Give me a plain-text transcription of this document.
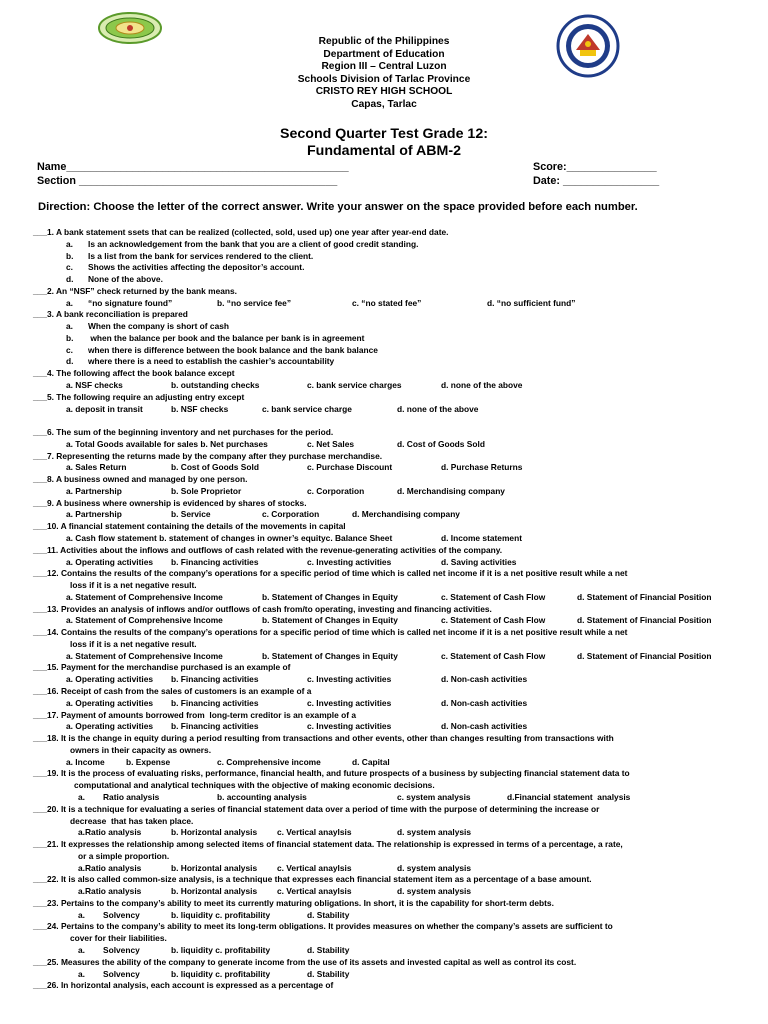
Republic of the Philippines
Department of Education
Region III – Central Luzon
Schools Division of Tarlac Province
CRISTO REY HIGH SCHOOL
Capas, Tarlac
Second Quarter Test Grade 12:
Fundamental of ABM-2
Name_______________________________________________	Score:_______________
Section ___________________________________________	Date: ________________
Direction: Choose the letter of the correct answer. Write your answer on the space provided before each number.
___1. A bank statement ssets that can be realized (collected, sold, used up) one year after year-end date.
a. Is an acknowledgement from the bank that you are a client of good credit standing.
b. Is a list from the bank for services rendered to the client.
c. Shows the activities affecting the depositor’s account.
d. None of the above.
___2. An “NSF” check returned by the bank means.
a. “no signature found”	b. “no service fee”	c. “no stated fee”	d. “no sufficient fund”
___3. A bank reconciliation is prepared
a. When the company is short of cash
b. when the balance per book and the balance per bank is in agreement
c. when there is difference between the book balance and the bank balance
d. where there is a need to establish the cashier’s accountability
___4. The following affect the book balance except
a. NSF checks	b. outstanding checks	c. bank service charges	d. none of the above
___5. The following require an adjusting entry except
a. deposit in transit	b. NSF checks	c. bank service charge	d. none of the above
___6. The sum of the beginning inventory and net purchases for the period.
a. Total Goods available for sales b. Net purchases	c. Net Sales	d. Cost of Goods Sold
___7. Representing the returns made by the company after they purchase merchandise.
a. Sales Return	b. Cost of Goods Sold	c. Purchase Discount	d. Purchase Returns
___8. A business owned and managed by one person.
a. Partnership	b. Sole Proprietor	c. Corporation	d. Merchandising company
___9. A business where ownership is evidenced by shares of stocks.
a. Partnership	b. Service	c. Corporation	d. Merchandising company
___10. A financial statement containing the details of the movements in capital
a. Cash flow statement b. statement of changes in owner’s equityc. Balance Sheet	d. Income statement
___11. Activities about the inflows and outflows of cash related with the revenue-generating activities of the company.
a. Operating activities b. Financing activities	c. Investing activities	d. Saving activities
___12. Contains the results of the company’s operations for a specific period of time which is called net income if it is a net positive result while a net
loss if it is a net negative result.
a. Statement of Comprehensive Income	b. Statement of Changes in Equity	c. Statement of Cash Flow	d. Statement of Financial Position
___13. Provides an analysis of inflows and/or outflows of cash from/to operating, investing and financing activities.
a. Statement of Comprehensive Income	b. Statement of Changes in Equity	c. Statement of Cash Flow	d. Statement of Financial Position
___14. Contains the results of the company’s operations for a specific period of time which is called net income if it is a net positive result while a net
loss if it is a net negative result.
a. Statement of Comprehensive Income	b. Statement of Changes in Equity	c. Statement of Cash Flow	d. Statement of Financial Position
___15. Payment for the merchandise purchased is an example of
a. Operating activities b. Financing activities	c. Investing activities	d. Non-cash activities
___16. Receipt of cash from the sales of customers is an example of a
a. Operating activities b. Financing activities	c. Investing activities	d. Non-cash activities
___17. Payment of amounts borrowed from  long-term creditor is an example of a
a. Operating activities b. Financing activities	c. Investing activities	d. Non-cash activities
___18. It is the change in equity during a period resulting from transactions and other events, other than changes resulting from transactions with
owners in their capacity as owners.
a. Income	b. Expense	c. Comprehensive income	d. Capital
___19. It is the process of evaluating risks, performance, financial health, and future prospects of a business by subjecting financial statement data to
computational and analytical techniques with the objective of making economic decisions.
a. Ratio analysis	b. accounting analysis	c. system analysis	d.Financial statement  analysis
___20. It is a technique for evaluating a series of financial statement data over a period of time with the purpose of determining the increase or
decrease  that has taken place.
a.Ratio analysis	b. Horizontal analysis c. Vertical anaylsis	d. system analysis
___21. It expresses the relationship among selected items of financial statement data. The relationship is expressed in terms of a percentage, a rate,
or a simple proportion.
a.Ratio analysis	b. Horizontal analysis c. Vertical anaylsis	d. system analysis
___22. It is also called common-size analysis, is a technique that expresses each financial statement item as a percentage of a base amount.
a.Ratio analysis	b. Horizontal analysis c. Vertical anaylsis	d. system analysis
___23. Pertains to the company’s ability to meet its currently maturing obligations. In short, it is the capability for short-term debts.
a. Solvency	b. liquidity c. profitability	d. Stability
___24. Pertains to the company’s ability to meet its long-term obligations. It provides measures on whether the company’s assets are sufficient to
cover for their liabilities.
a. Solvency	b. liquidity c. profitability	d. Stability
___25. Measures the ability of the company to generate income from the use of its assets and invested capital as well as control its cost.
a. Solvency	b. liquidity c. profitability	d. Stability
___26. In horizontal analysis, each account is expressed as a percentage of
